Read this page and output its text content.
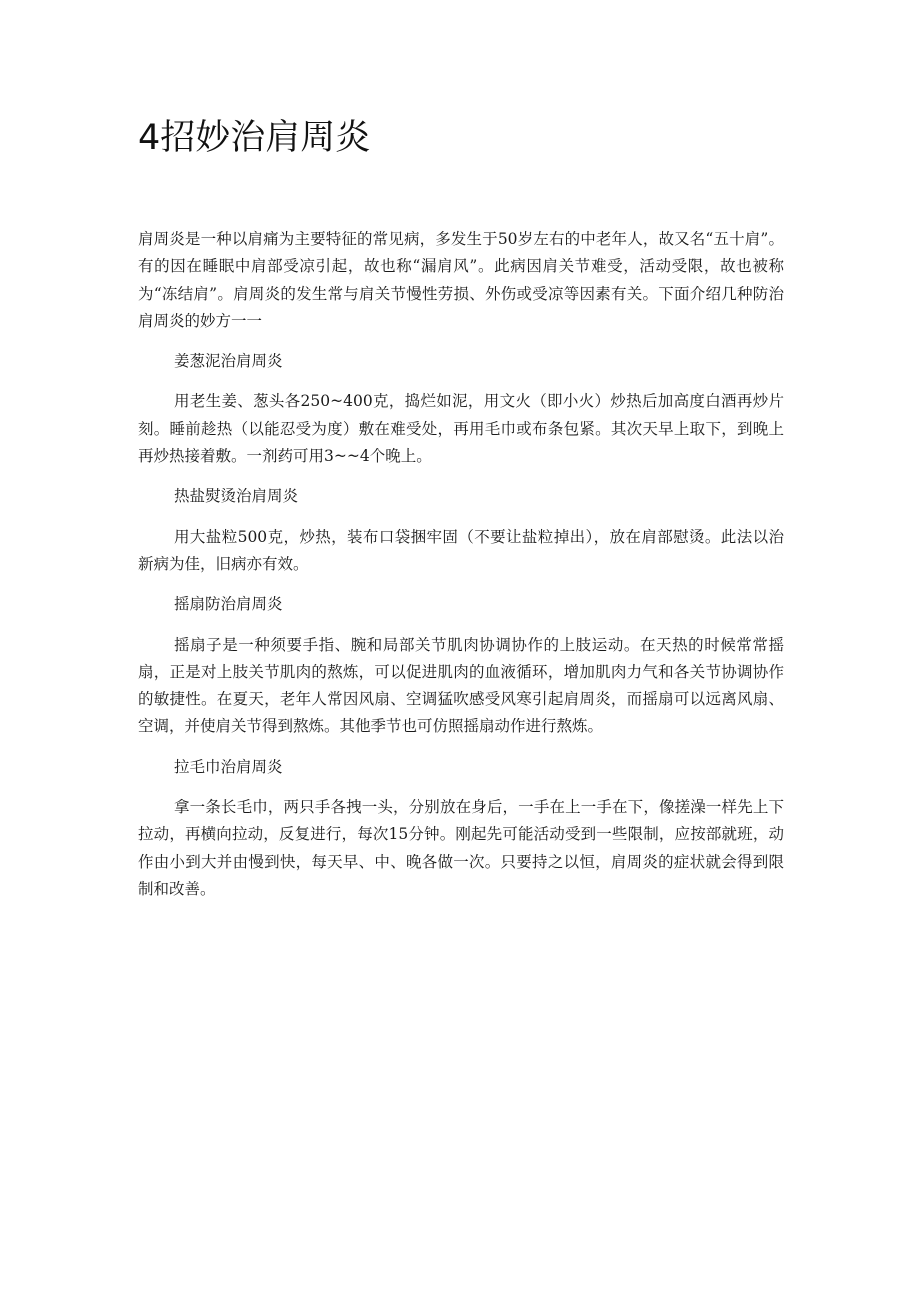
4招妙治肩周炎

肩周炎是一种以肩痛为主要特征的常见病，多发生于50岁左右的中老年人，故又名“五十肩”。有的因在睡眠中肩部受凉引起，故也称“漏肩风”。此病因肩关节难受，活动受限，故也被称为“冻结肩”。肩周炎的发生常与肩关节慢性劳损、外伤或受凉等因素有关。下面介绍几种防治肩周炎的妙方一一

姜葱泥治肩周炎

用老生姜、葱头各250~400克，捣烂如泥，用文火（即小火）炒热后加高度白酒再炒片刻。睡前趁热（以能忍受为度）敷在难受处，再用毛巾或布条包紧。其次天早上取下，到晚上再炒热接着敷。一剂药可用3~~4个晚上。

热盐熨烫治肩周炎

用大盐粒500克，炒热，装布口袋捆牢固（不要让盐粒掉出），放在肩部慰烫。此法以治新病为佳，旧病亦有效。

摇扇防治肩周炎

摇扇子是一种须要手指、腕和局部关节肌肉协调协作的上肢运动。在天热的时候常常摇扇，正是对上肢关节肌肉的熬炼，可以促进肌肉的血液循环，增加肌肉力气和各关节协调协作的敏捷性。在夏天，老年人常因风扇、空调猛吹感受风寒引起肩周炎，而摇扇可以远离风扇、空调，并使肩关节得到熬炼。其他季节也可仿照摇扇动作进行熬炼。

拉毛巾治肩周炎

拿一条长毛巾，两只手各拽一头，分别放在身后，一手在上一手在下，像搓澡一样先上下拉动，再横向拉动，反复进行，每次15分钟。刚起先可能活动受到一些限制，应按部就班，动作由小到大并由慢到快，每天早、中、晚各做一次。只要持之以恒，肩周炎的症状就会得到限制和改善。
